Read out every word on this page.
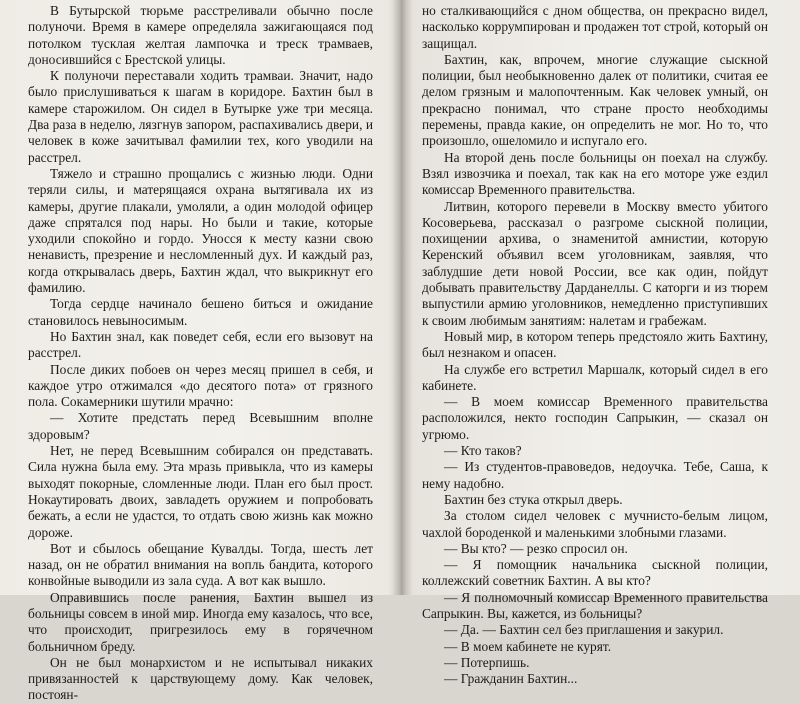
В Бутырской тюрьме расстреливали обычно после полуночи. Время в камере определяла зажигающаяся под потолком тусклая желтая лампочка и треск трамваев, доносившийся с Брестской улицы.

К полуночи переставали ходить трамваи. Значит, надо было прислушиваться к шагам в коридоре. Бахтин был в камере старожилом. Он сидел в Бутырке уже три месяца. Два раза в неделю, лязгнув запором, распахивались двери, и человек в коже зачитывал фамилии тех, кого уводили на расстрел.

Тяжело и страшно прощались с жизнью люди. Одни теряли силы, и матерящаяся охрана вытягивала их из камеры, другие плакали, умоляли, а один молодой офицер даже спрятался под нары. Но были и такие, которые уходили спокойно и гордо. Уносся к месту казни свою ненависть, презрение и несломленный дух. И каждый раз, когда открывалась дверь, Бахтин ждал, что выкрикнут его фамилию.

Тогда сердце начинало бешено биться и ожидание становилось невыносимым.

Но Бахтин знал, как поведет себя, если его вызовут на расстрел.

После диких побоев он через месяц пришел в себя, и каждое утро отжимался «до десятого пота» от грязного пола. Сокамерники шутили мрачно:

— Хотите предстать перед Всевышним вполне здоровым?

Нет, не перед Всевышним собирался он представать. Сила нужна была ему. Эта мразь привыкла, что из камеры выходят покорные, сломленные люди. План его был прост. Нокаутировать двоих, завладеть оружием и попробовать бежать, а если не удастся, то отдать свою жизнь как можно дороже.

Вот и сбылось обещание Кувалды. Тогда, шесть лет назад, он не обратил внимания на вопль бандита, которого конвойные выводили из зала суда. А вот как вышло.

Оправившись после ранения, Бахтин вышел из больницы совсем в иной мир. Иногда ему казалось, что все, что происходит, пригрезилось ему в горячечном больничном бреду.

Он не был монархистом и не испытывал никаких привязанностей к царствующему дому. Как человек, постоян-

но сталкивающийся с дном общества, он прекрасно видел, насколько коррумпирован и продажен тот строй, который он защищал.

Бахтин, как, впрочем, многие служащие сыскной полиции, был необыкновенно далек от политики, считая ее делом грязным и малопочтенным. Как человек умный, он прекрасно понимал, что стране просто необходимы перемены, правда какие, он определить не мог. Но то, что произошло, ошеломило и испугало его.

На второй день после больницы он поехал на службу. Взял извозчика и поехал, так как на его моторе уже ездил комиссар Временного правительства.

Литвин, которого перевели в Москву вместо убитого Косоверьева, рассказал о разгроме сыскной полиции, похищении архива, о знаменитой амнистии, которую Керенский объявил всем уголовникам, заявляя, что заблудшие дети новой России, все как один, пойдут добывать правительству Дарданеллы. С каторги и из тюрем выпустили армию уголовников, немедленно приступивших к своим любимым занятиям: налетам и грабежам.

Новый мир, в котором теперь предстояло жить Бахтину, был незнаком и опасен.

На службе его встретил Маршалк, который сидел в его кабинете.

— В моем комиссар Временного правительства расположился, некто господин Сапрыкин, — сказал он угрюмо.

— Кто таков?

— Из студентов-правоведов, недоучка. Тебе, Саша, к нему надобно.

Бахтин без стука открыл дверь.

За столом сидел человек с мучнисто-белым лицом, чахлой бороденкой и маленькими злобными глазами.

— Вы кто? — резко спросил он.

— Я помощник начальника сыскной полиции, коллежский советник Бахтин. А вы кто?

— Я полномочный комиссар Временного правительства Сапрыкин. Вы, кажется, из больницы?

— Да. — Бахтин сел без приглашения и закурил.

— В моем кабинете не курят.

— Потерпишь.

— Гражданин Бахтин...
